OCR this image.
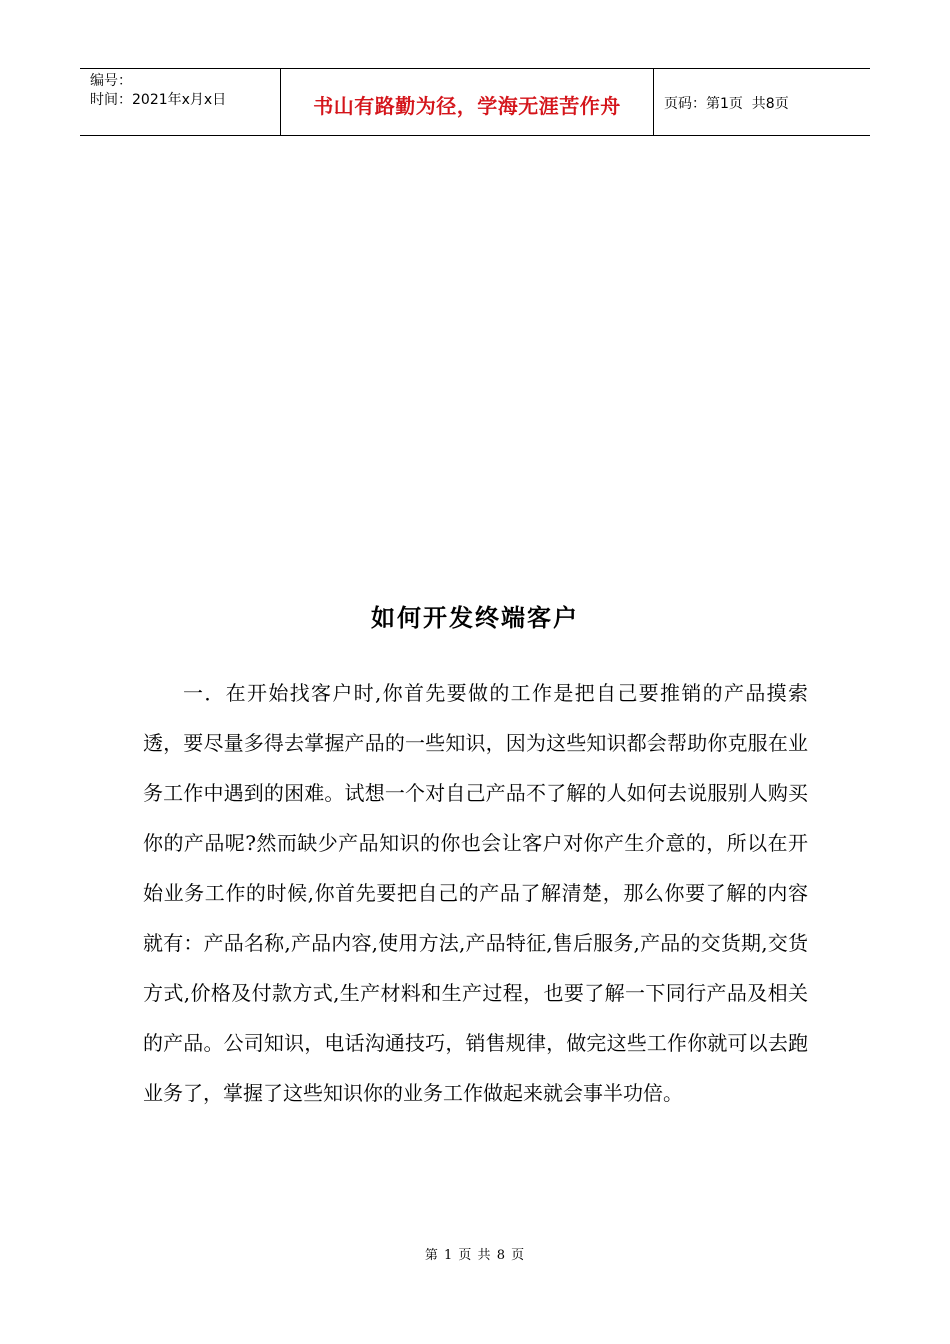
编号：
时间：2021年x月x日	书山有路勤为径，学海无涯苦作舟	页码：第1页  共8页
如何开发终端客户

一．在开始找客户时,你首先要做的工作是把自己要推销的产品摸索透，要尽量多得去掌握产品的一些知识，因为这些知识都会帮助你克服在业务工作中遇到的困难。试想一个对自己产品不了解的人如何去说服别人购买你的产品呢?然而缺少产品知识的你也会让客户对你产生介意的，所以在开始业务工作的时候,你首先要把自己的产品了解清楚，那么你要了解的内容就有：产品名称,产品内容,使用方法,产品特征,售后服务,产品的交货期,交货方式,价格及付款方式,生产材料和生产过程，也要了解一下同行产品及相关的产品。公司知识，电话沟通技巧，销售规律，做完这些工作你就可以去跑业务了，掌握了这些知识你的业务工作做起来就会事半功倍。

第 1 页 共 8 页
